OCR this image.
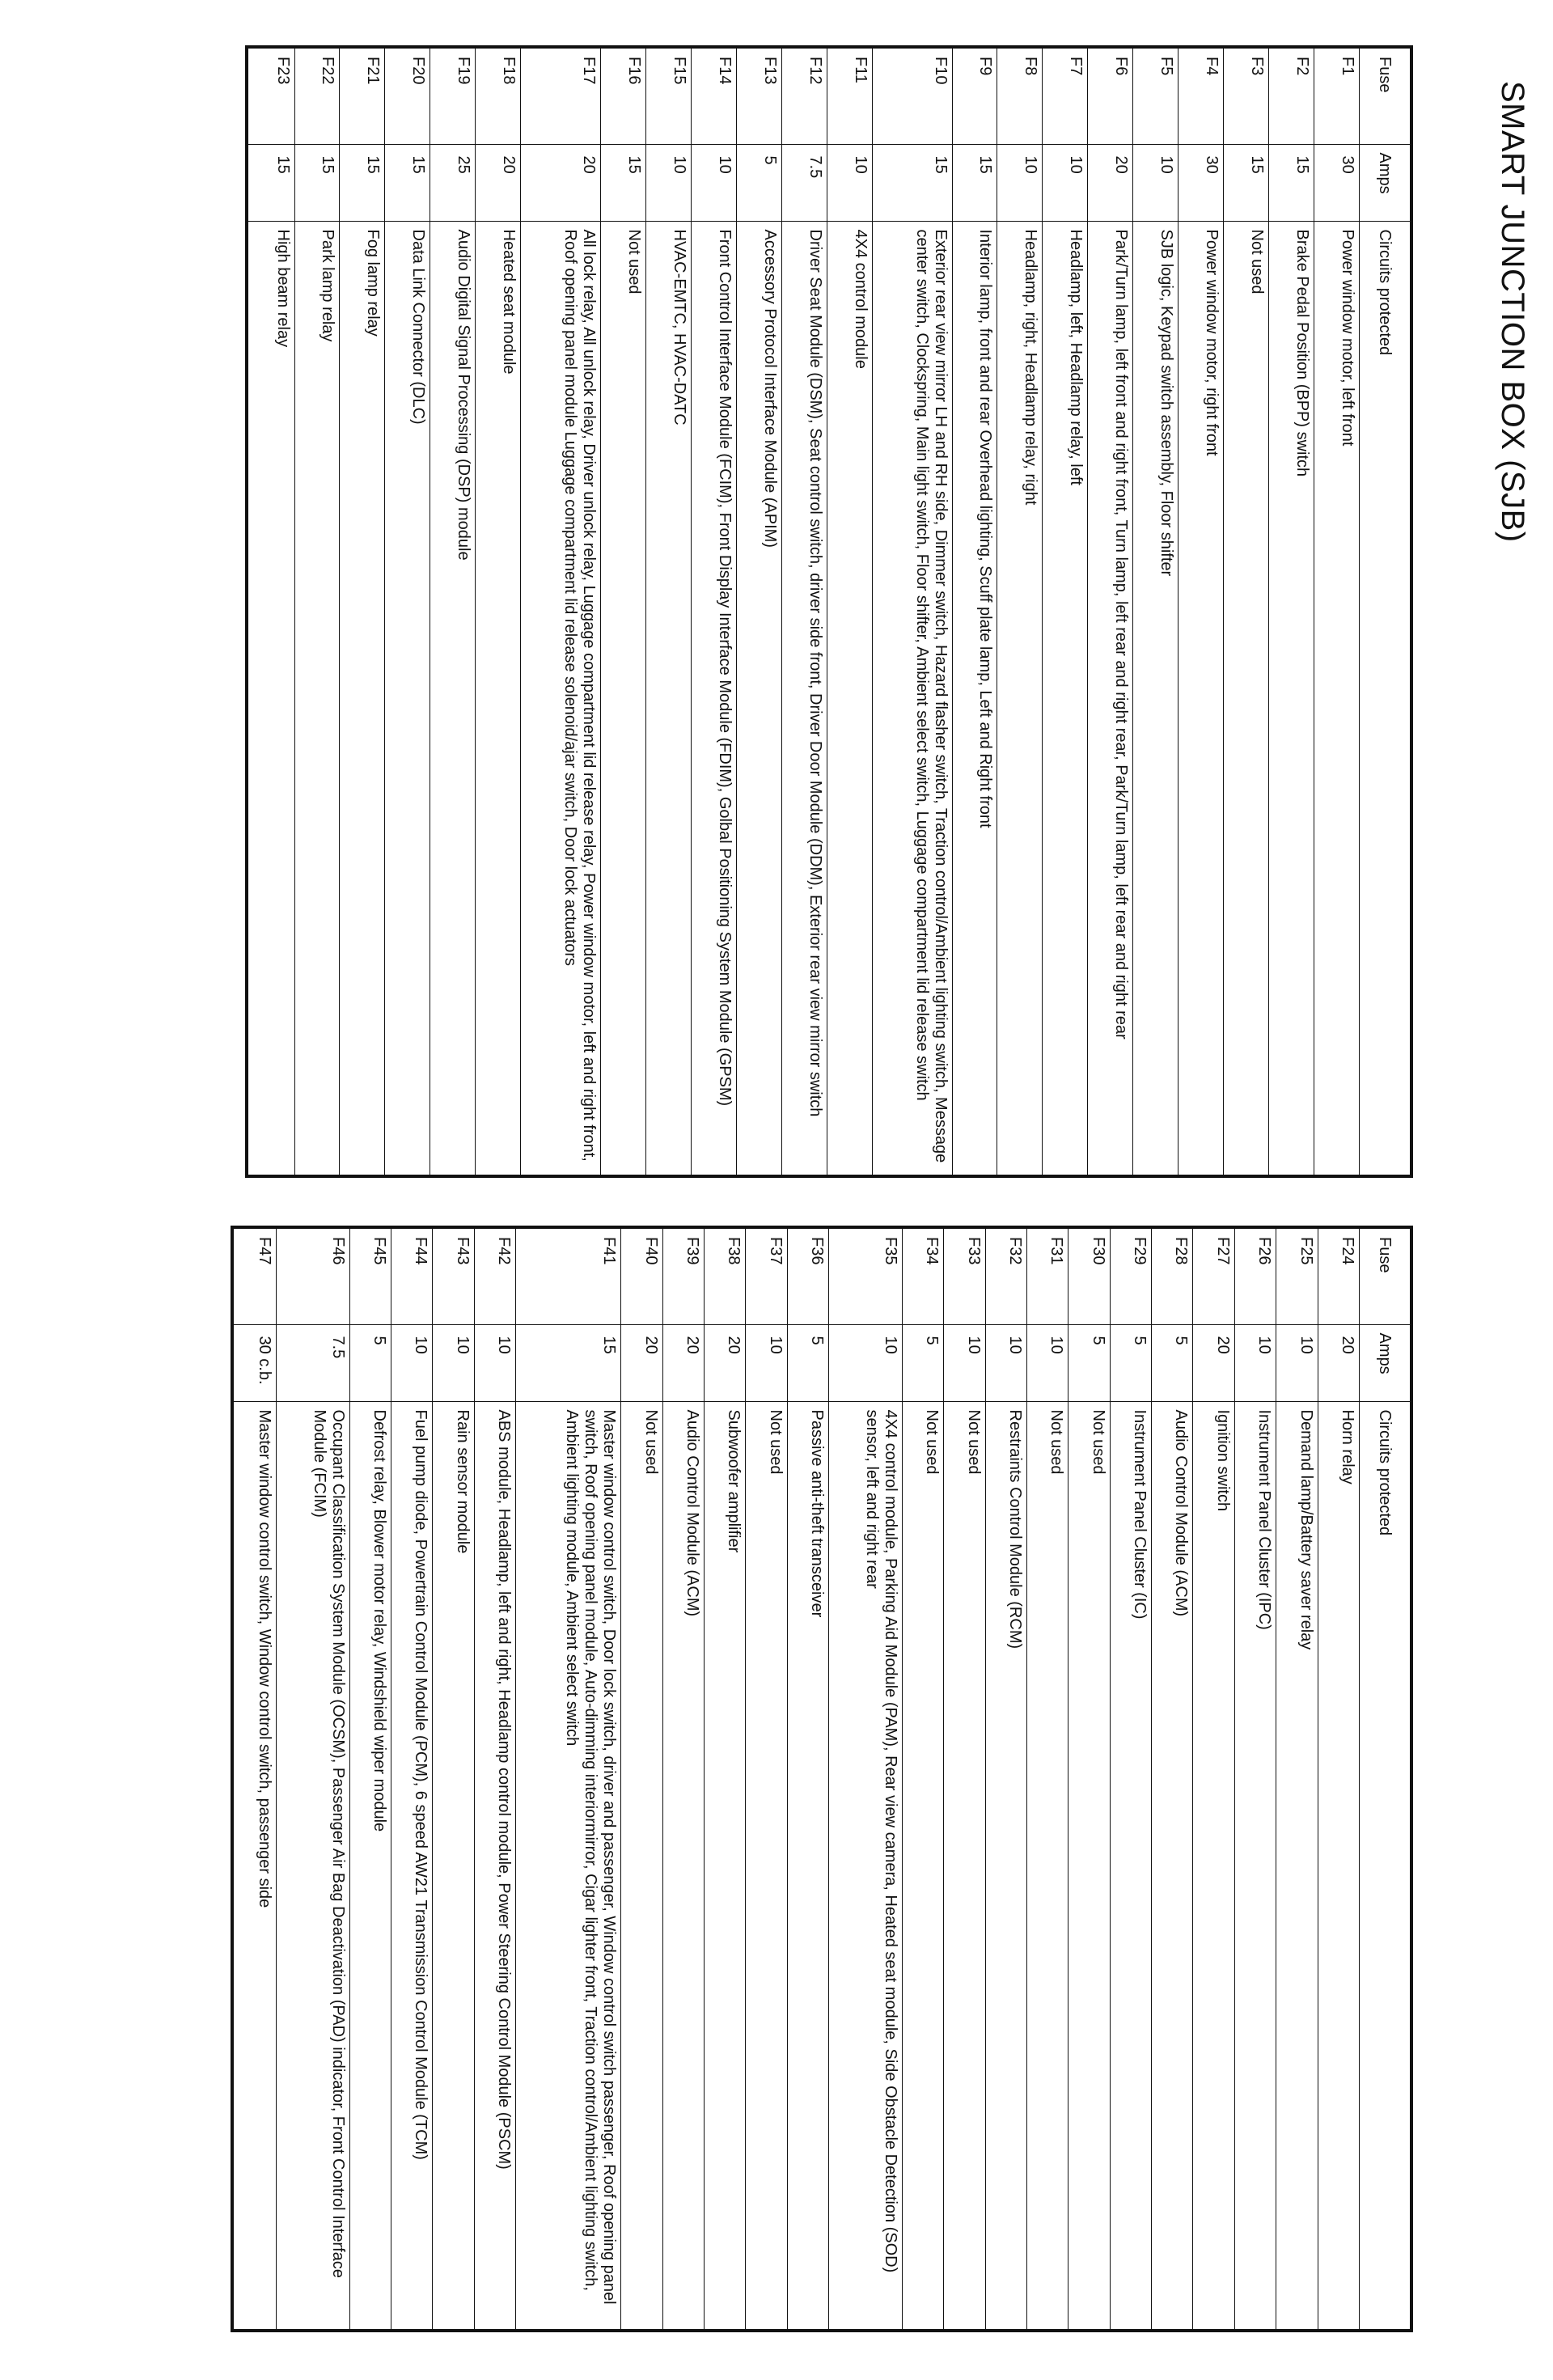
SMART JUNCTION BOX (SJB)
Fuse	Amps	Circuits protected
F1	30	Power window motor, left front
F2	15	Brake Pedal Position (BPP) switch
F3	15	Not used
F4	30	Power window motor, right front
F5	10	SJB logic, Keypad switch assembly, Floor shifter
F6	20	Park/Turn lamp, left front and right front, Turn lamp, left rear and right rear, Park/Turn lamp, left rear and right rear
F7	10	Headlamp, left, Headlamp relay, left
F8	10	Headlamp, right, Headlamp relay, right
F9	15	Interior lamp, front and rear Overhead lighting, Scuff plate lamp, Left and Right front
F10	15	Exterior rear view mirror LH and RH side, Dimmer switch, Hazard flasher switch, Traction control/Ambient lighting switch, Message center switch, Clockspring, Main light switch, Floor shifter, Ambient select switch, Luggage compartment lid release switch
F11	10	4X4 control module
F12	7.5	Driver Seat Module (DSM), Seat control switch, driver side front, Driver Door Module (DDM), Exterior rear view mirror switch
F13	5	Accessory Protocol Interface Module (APIM)
F14	10	Front Control Interface Module (FCIM), Front Display Interface Module (FDIM), Golbal Positioning System Module (GPSM)
F15	10	HVAC-EMTC, HVAC-DATC
F16	15	Not used
F17	20	All lock relay, All unlock relay, Driver unlock relay, Luggage compartment lid release relay, Power window motor, left and right front, Roof opening panel module Luggage compartment lid release solenoid/ajar switch, Door lock actuators
F18	20	Heated seat module
F19	25	Audio Digital Signal Processing (DSP) module
F20	15	Data Link Connector (DLC)
F21	15	Fog lamp relay
F22	15	Park lamp relay
F23	15	High beam relay
Fuse	Amps	Circuits protected
F24	20	Horn relay
F25	10	Demand lamp/Battery saver relay
F26	10	Instrument Panel Cluster (IPC)
F27	20	Ignition switch
F28	5	Audio Control Module (ACM)
F29	5	Instrument Panel Cluster (IC)
F30	5	Not used
F31	10	Not used
F32	10	Restraints Control Module (RCM)
F33	10	Not used
F34	5	Not used
F35	10	4X4 control module, Parking Aid Module (PAM), Rear view camera, Heated seat module, Side Obstacle Detection (SOD) sensor, left and right rear
F36	5	Passive anti-theft transceiver
F37	10	Not used
F38	20	Subwoofer amplifier
F39	20	Audio Control Module (ACM)
F40	20	Not used
F41	15	Master window control switch, Door lock switch, driver and passenger, Window control switch passenger, Roof opening panel switch, Roof opening panel module, Auto-dimming interiormirror, Cigar lighter front, Traction control/Ambient lighting switch, Ambient lighting module, Ambient select switch
F42	10	ABS module, Headlamp, left and right, Headlamp control module, Power Steering Control Module (PSCM)
F43	10	Rain sensor module
F44	10	Fuel pump diode, Powertrain Control Module (PCM), 6 speed AW21 Transmission Control Module (TCM)
F45	5	Defrost relay, Blower motor relay, Windshield wiper module
F46	7.5	Occupant Classification System Module (OCSM), Passenger Air Bag Deactivation (PAD) indicator, Front Control Interface Module (FCIM)
F47	30 c.b.	Master window control switch, Window control switch, passenger side
